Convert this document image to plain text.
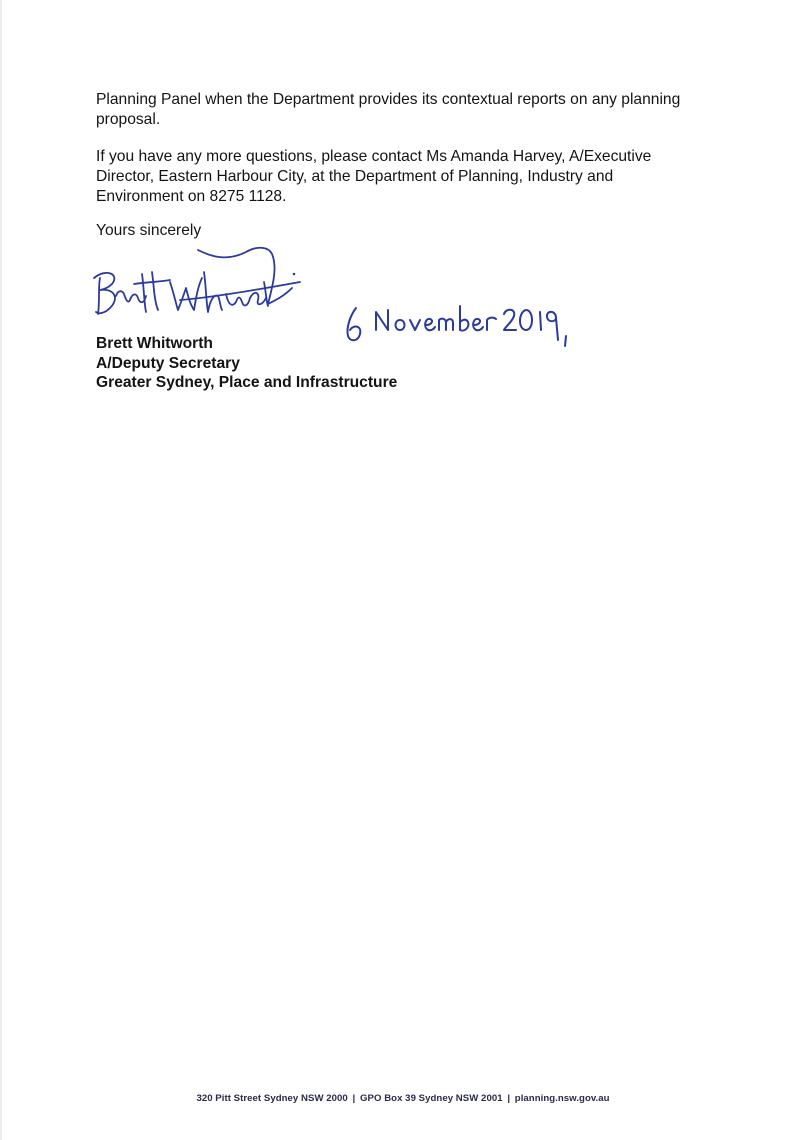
Planning Panel when the Department provides its contextual reports on any planning
proposal.

If you have any more questions, please contact Ms Amanda Harvey, A/Executive
Director, Eastern Harbour City, at the Department of Planning, Industry and
Environment on 8275 1128.

Yours sincerely

Brett Whitworth
A/Deputy Secretary
Greater Sydney, Place and Infrastructure
320 Pitt Street Sydney NSW 2000 | GPO Box 39 Sydney NSW 2001 | planning.nsw.gov.au
